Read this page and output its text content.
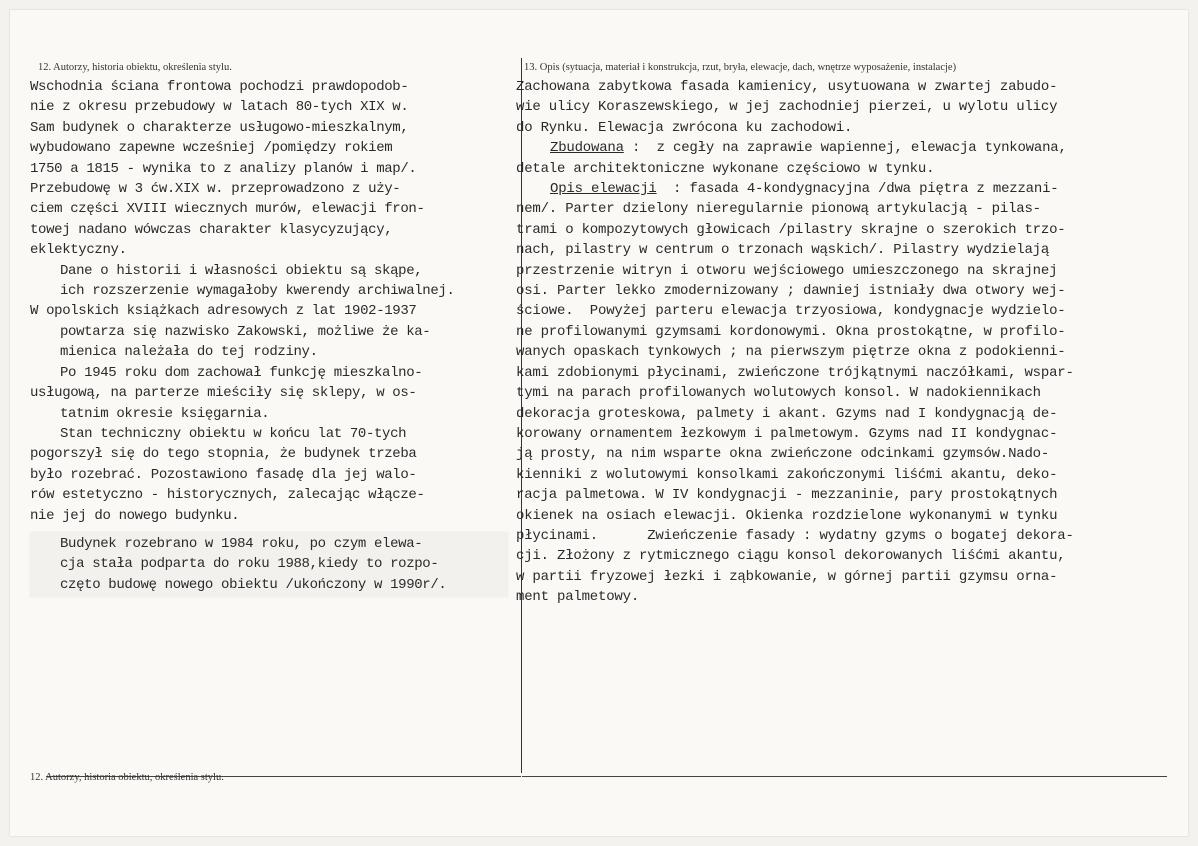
12. Autorzy, historia obiektu, określenia stylu.
Wschodnia ściana frontowa pochodzi prawdopodob-
nie z okresu przebudowy w latach 80-tych XIX w.
Sam budynek o charakterze usługowo-mieszkalnym,
wybudowano zapewne wcześniej /pomiędzy rokiem
1750 a 1815 - wynika to z analizy planów i map/.
Przebudowę w 3 ćw.XIX w. przeprowadzono z uży-
ciem części XVIII wiecznych murów, elewacji fron-
towej nadano wówczas charakter klasycyzujący,
eklektyczny.
Dane o historii i własności obiektu są skąpe,
ich rozszerzenie wymagałoby kwerendy archiwalnej.
W opolskich książkach adresowych z lat 1902-1937
powtarza się nazwisko Zakowski, możliwe że ka-
mienica należała do tej rodziny.
Po 1945 roku dom zachował funkcję mieszkalno-
usługową, na parterze mieściły się sklepy, w os-
tatnim okresie księgarnia.
Stan techniczny obiektu w końcu lat 70-tych
pogorszył się do tego stopnia, że budynek trzeba
było rozebrać. Pozostawiono fasadę dla jej walo-
rów estetyczno - historycznych, zalecając włącze-
nie jej do nowego budynku.
Budynek rozebrano w 1984 roku, po czym elewa-
cja stała podparta do roku 1988,kiedy to rozpo-
częto budowę nowego obiektu /ukończony w 1990r/.
13. Opis (sytuacja, materiał i konstrukcja, rzut, bryła, elewacje, dach, wnętrze wyposażenie, instalacje)
Zachowana zabytkowa fasada kamienicy, usytuowana w zwartej zabudo-
wie ulicy Koraszewskiego, w jej zachodniej pierzei, u wylotu ulicy
do Rynku. Elewacja zwrócona ku zachodowi.
Zbudowana :  z cegły na zaprawie wapiennej, elewacja tynkowana,
detale architektoniczne wykonane częściowo w tynku.
Opis elewacji  : fasada 4-kondygnacyjna /dwa piętra z mezzani-
nem/. Parter dzielony nieregularnie pionową artykulacją - pilas-
trami o kompozytowych głowicach /pilastry skrajne o szerokich trzo-
nach, pilastry w centrum o trzonach wąskich/. Pilastry wydzielają
przestrzenie witryn i otworu wejściowego umieszczonego na skrajnej
osi. Parter lekko zmodernizowany ; dawniej istniały dwa otwory wej-
ściowe.  Powyżej parteru elewacja trzyosiowa, kondygnacje wydzielo-
ne profilowanymi gzymsami kordonowymi. Okna prostokątne, w profilo-
wanych opaskach tynkowych ; na pierwszym piętrze okna z podokienni-
kami zdobionymi płycinami, zwieńczone trójkątnymi naczółkami, wspar-
tymi na parach profilowanych wolutowych konsol. W nadokiennikach
dekoracja groteskowa, palmety i akant. Gzyms nad I kondygnacją de-
korowany ornamentem łezkowym i palmetowym. Gzyms nad II kondygnac-
ją prosty, na nim wsparte okna zwieńczone odcinkami gzymsów.Nado-
kienniki z wolutowymi konsolkami zakończonymi liśćmi akantu, deko-
racja palmetowa. W IV kondygnacji - mezzaninie, pary prostokątnych
okienek na osiach elewacji. Okienka rozdzielone wykonanymi w tynku
płycinami.      Zwieńczenie fasady : wydatny gzyms o bogatej dekora-
cji. Złożony z rytmicznego ciągu konsol dekorowanych liśćmi akantu,
w partii fryzowej łezki i ząbkowanie, w górnej partii gzymsu orna-
ment palmetowy.
12. Autorzy, historia obiektu, określenia stylu.
